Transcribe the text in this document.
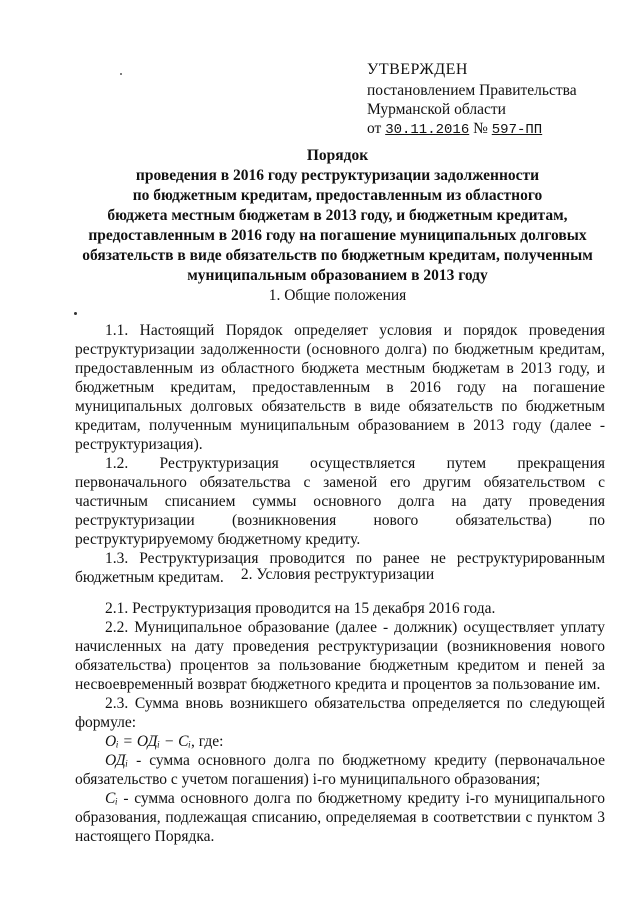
УТВЕРЖДЕН
постановлением Правительства
Мурманской области
от 30.11.2016 № 597-ПП
Порядок
проведения в 2016 году реструктуризации задолженности
по бюджетным кредитам, предоставленным из областного
бюджета местным бюджетам в 2013 году, и бюджетным кредитам,
предоставленным в 2016 году на погашение муниципальных долговых
обязательств в виде обязательств по бюджетным кредитам, полученным
муниципальным образованием в 2013 году
1. Общие положения

1.1. Настоящий Порядок определяет условия и порядок проведения реструктуризации задолженности (основного долга) по бюджетным кредитам, предоставленным из областного бюджета местным бюджетам в 2013 году, и бюджетным кредитам, предоставленным в 2016 году на погашение муниципальных долговых обязательств в виде обязательств по бюджетным кредитам, полученным муниципальным образованием в 2013 году (далее - реструктуризация).

1.2. Реструктуризация осуществляется путем прекращения первоначального обязательства с заменой его другим обязательством с частичным списанием суммы основного долга на дату проведения реструктуризации (возникновения нового обязательства) по реструктурируемому бюджетному кредиту.

1.3. Реструктуризация проводится по ранее не реструктурированным бюджетным кредитам.	2. Условия реструктуризации

2.1. Реструктуризация проводится на 15 декабря 2016 года.

2.2. Муниципальное образование (далее - должник) осуществляет уплату начисленных на дату проведения реструктуризации (возникновения нового обязательства) процентов за пользование бюджетным кредитом и пеней за несвоевременный возврат бюджетного кредита и процентов за пользование им.

2.3. Сумма вновь возникшего обязательства определяется по следующей формуле:

Oᵢ = ОДᵢ − Cᵢ, где:

ОДᵢ - сумма основного долга по бюджетному кредиту (первоначальное обязательство с учетом погашения) i-го муниципального образования;

Cᵢ - сумма основного долга по бюджетному кредиту i-го муниципального образования, подлежащая списанию, определяемая в соответствии с пунктом 3 настоящего Порядка.
